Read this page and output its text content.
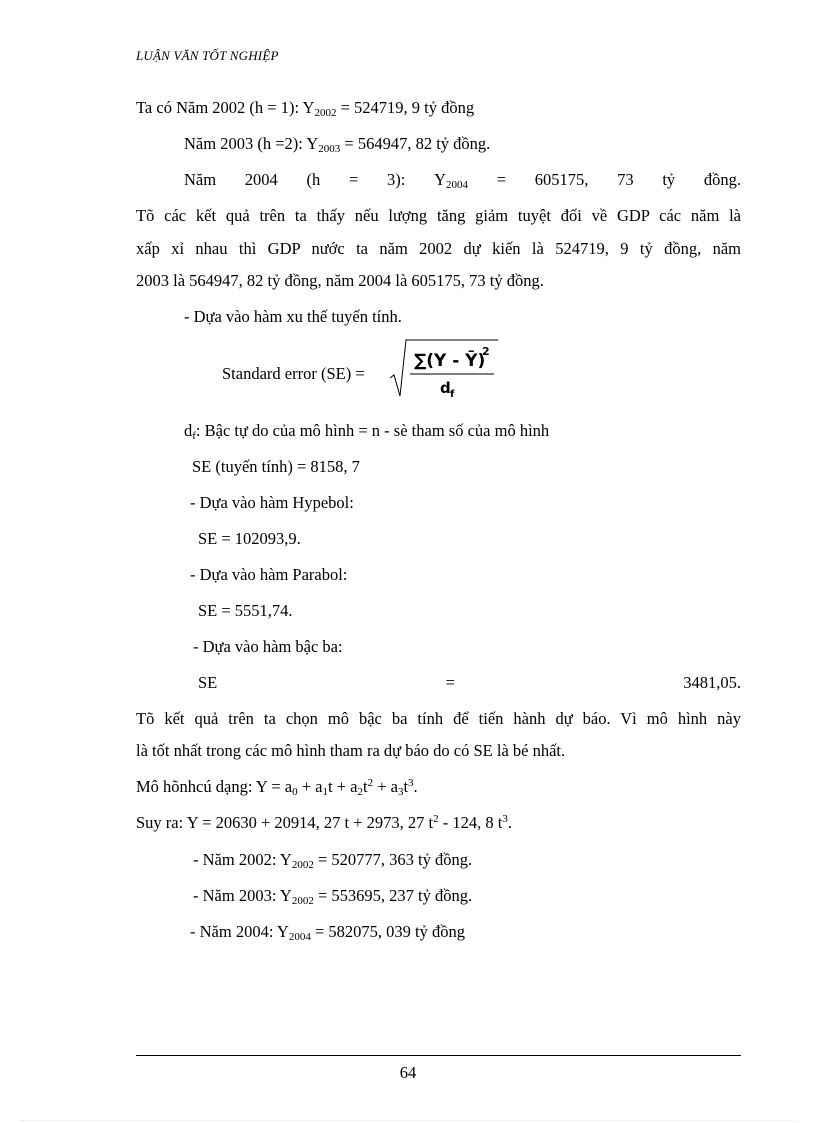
LUẬN VĂN TỐT NGHIỆP
Ta có Năm 2002 (h = 1): $Y_{2002} = 524719$, 9 tỷ đồng
Năm 2003 (h =2): $Y_{2003} = 564947$, 82 tỷ đồng.
Năm 2004 (h = 3): $Y_{2004} = 605175$, 73 tỷ đồng.
Tõ các kết quả trên ta thấy nếu lượng tăng giảm tuyệt đối về GDP các năm là
xấp xỉ nhau thì GDP nước ta năm 2002 dự kiến là 524719, 9 tỷ đồng, năm
2003 là 564947, 82 tỷ đồng, năm 2004 là 605175, 73 tỷ đồng.
- Dựa vào hàm xu thế tuyến tính.
Standard error (SE) =
∑(Y - Ȳ)
2
d f
$d_f$: Bậc tự do của mô hình = n - sè tham số của mô hình
SE (tuyến tính) = 8158, 7
- Dựa vào hàm Hypebol:
SE = 102093,9.
- Dựa vào hàm Parabol:
SE = 5551,74.
- Dựa vào hàm bậc ba:
SE	=	3481,05.
Tõ kết quả trên ta chọn mô bậc ba tính để tiến hành dự báo. Vì mô hình này
là tốt nhất trong các mô hình tham ra dự báo do có SE là bé nhất.
Mô hõnhcú dạng: $Y = a_0 + a_1t + a_2t^2 + a_3t^3$.
Suy ra: Y = 20630 + 20914, 27 t + 2973, 27 $t^2 - 124$, 8 $t^3$.
- Năm 2002: $Y_{2002} = 520777$, 363 tỷ đồng.
- Năm 2003: $Y_{2002} = 553695$, 237 tỷ đồng.
- Năm 2004: $Y_{2004} = 582075$, 039 tỷ đồng
64
